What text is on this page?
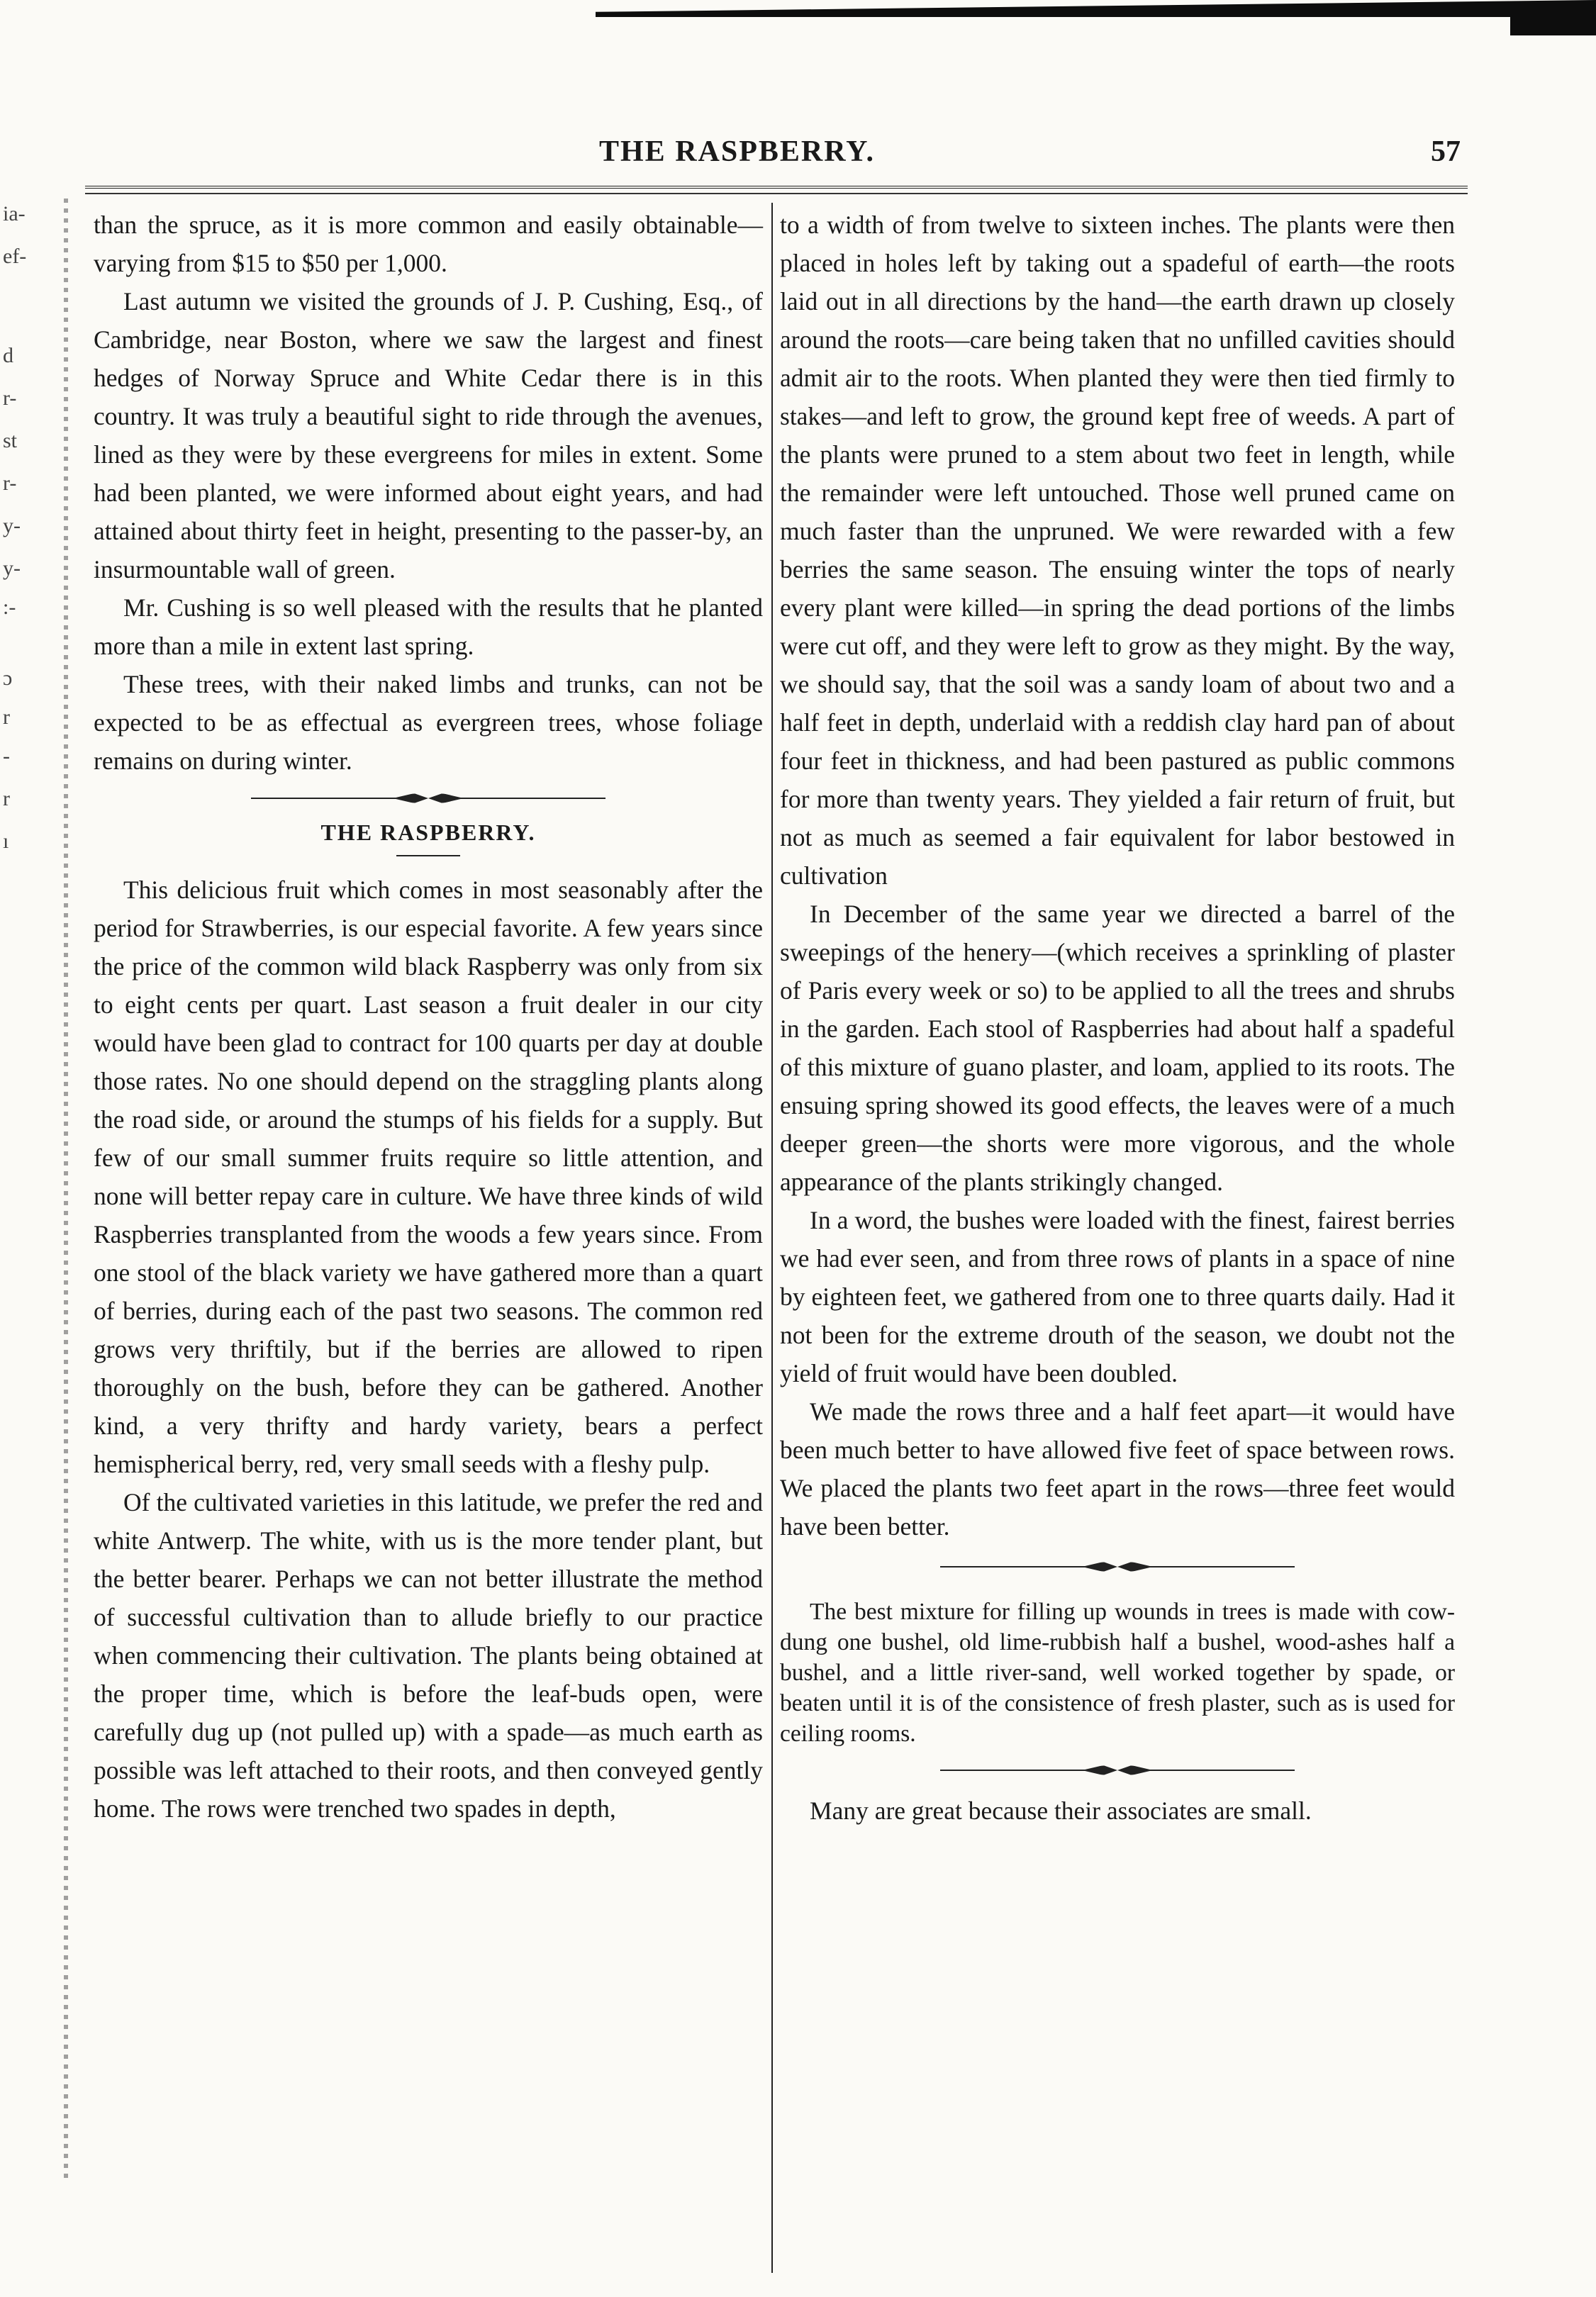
THE RASPBERRY.	57
ia-
ef-
d
r-
st
r-
y-
y-
:-
ɔ
r
-
r
ı

than the spruce, as it is more common and easily obtainable—varying from $15 to $50 per 1,000.

Last autumn we visited the grounds of J. P. Cushing, Esq., of Cambridge, near Boston, where we saw the largest and finest hedges of Norway Spruce and White Cedar there is in this country. It was truly a beautiful sight to ride through the avenues, lined as they were by these evergreens for miles in extent. Some had been planted, we were informed about eight years, and had attained about thirty feet in height, presenting to the passer-by, an insurmountable wall of green.

Mr. Cushing is so well pleased with the results that he planted more than a mile in extent last spring.

These trees, with their naked limbs and trunks, can not be expected to be as effectual as evergreen trees, whose foliage remains on during winter.

THE RASPBERRY.

This delicious fruit which comes in most seasonably after the period for Strawberries, is our especial favorite. A few years since the price of the common wild black Raspberry was only from six to eight cents per quart. Last season a fruit dealer in our city would have been glad to contract for 100 quarts per day at double those rates. No one should depend on the straggling plants along the road side, or around the stumps of his fields for a supply. But few of our small summer fruits require so little attention, and none will better repay care in culture. We have three kinds of wild Raspberries transplanted from the woods a few years since. From one stool of the black variety we have gathered more than a quart of berries, during each of the past two seasons. The common red grows very thriftily, but if the berries are allowed to ripen thoroughly on the bush, before they can be gathered. Another kind, a very thrifty and hardy variety, bears a perfect hemispherical berry, red, very small seeds with a fleshy pulp.

Of the cultivated varieties in this latitude, we prefer the red and white Antwerp. The white, with us is the more tender plant, but the better bearer. Perhaps we can not better illustrate the method of successful cultivation than to allude briefly to our practice when commencing their cultivation. The plants being obtained at the proper time, which is before the leaf-buds open, were carefully dug up (not pulled up) with a spade—as much earth as possible was left attached to their roots, and then conveyed gently home. The rows were trenched two spades in depth,

to a width of from twelve to sixteen inches. The plants were then placed in holes left by taking out a spadeful of earth—the roots laid out in all directions by the hand—the earth drawn up closely around the roots—care being taken that no unfilled cavities should admit air to the roots. When planted they were then tied firmly to stakes—and left to grow, the ground kept free of weeds. A part of the plants were pruned to a stem about two feet in length, while the remainder were left untouched. Those well pruned came on much faster than the unpruned. We were rewarded with a few berries the same season. The ensuing winter the tops of nearly every plant were killed—in spring the dead portions of the limbs were cut off, and they were left to grow as they might. By the way, we should say, that the soil was a sandy loam of about two and a half feet in depth, underlaid with a reddish clay hard pan of about four feet in thickness, and had been pastured as public commons for more than twenty years. They yielded a fair return of fruit, but not as much as seemed a fair equivalent for labor bestowed in cultivation

In December of the same year we directed a barrel of the sweepings of the henery—(which receives a sprinkling of plaster of Paris every week or so) to be applied to all the trees and shrubs in the garden. Each stool of Raspberries had about half a spadeful of this mixture of guano plaster, and loam, applied to its roots. The ensuing spring showed its good effects, the leaves were of a much deeper green—the shorts were more vigorous, and the whole appearance of the plants strikingly changed.

In a word, the bushes were loaded with the finest, fairest berries we had ever seen, and from three rows of plants in a space of nine by eighteen feet, we gathered from one to three quarts daily. Had it not been for the extreme drouth of the season, we doubt not the yield of fruit would have been doubled.

We made the rows three and a half feet apart—it would have been much better to have allowed five feet of space between rows. We placed the plants two feet apart in the rows—three feet would have been better.

The best mixture for filling up wounds in trees is made with cow-dung one bushel, old lime-rubbish half a bushel, wood-ashes half a bushel, and a little river-sand, well worked together by spade, or beaten until it is of the consistence of fresh plaster, such as is used for ceiling rooms.

Many are great because their associates are small.
